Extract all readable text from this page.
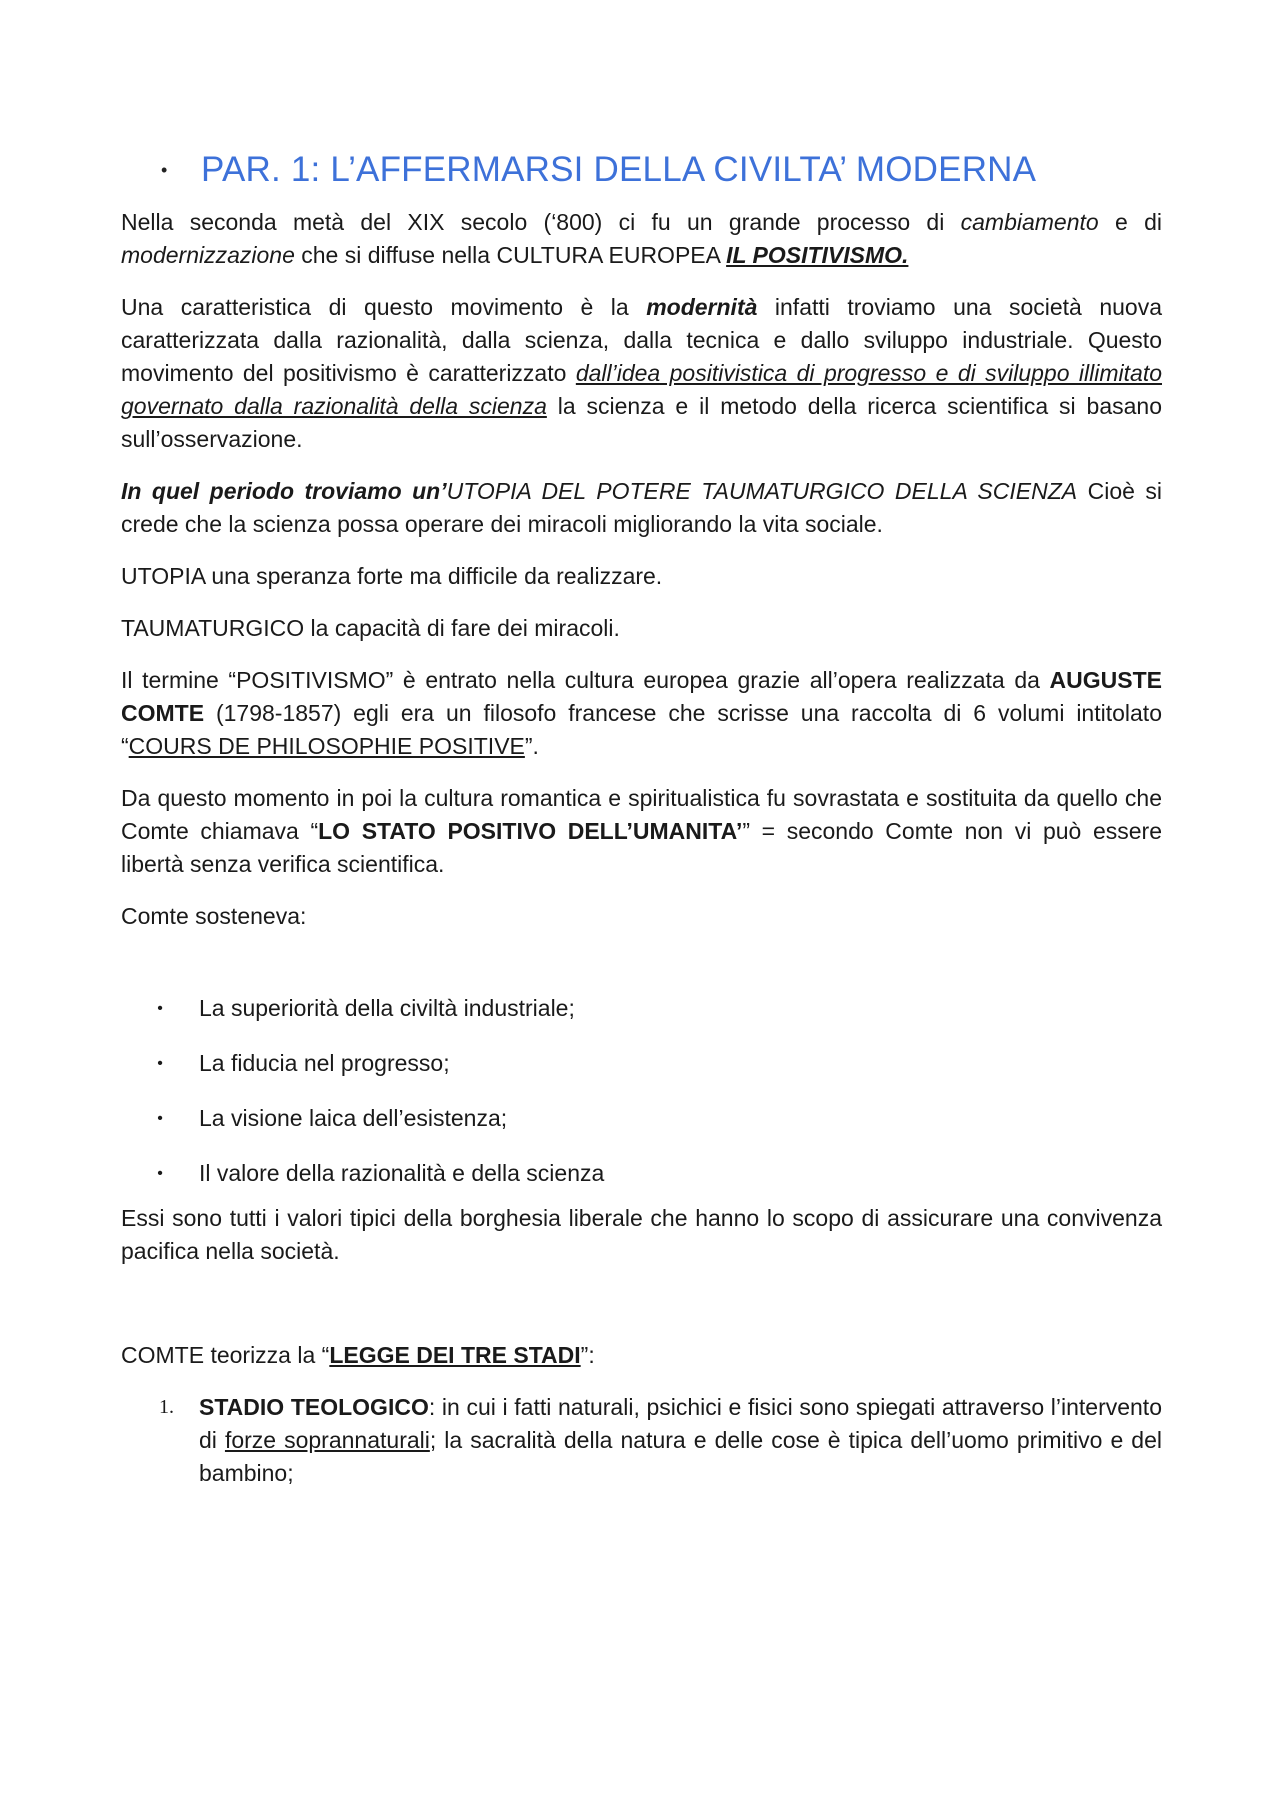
• PAR. 1: L’AFFERMARSI DELLA CIVILTA’ MODERNA

Nella seconda metà del XIX secolo (‘800) ci fu un grande processo di cambiamento e di modernizzazione che si diffuse nella CULTURA EUROPEA IL POSITIVISMO.

Una caratteristica di questo movimento è la modernità infatti troviamo una società nuova caratterizzata dalla razionalità, dalla scienza, dalla tecnica e dallo sviluppo industriale. Questo movimento del positivismo è caratterizzato dall’idea positivistica di progresso e di sviluppo illimitato governato dalla razionalità della scienza la scienza e il metodo della ricerca scientifica si basano sull’osservazione.

In quel periodo troviamo un’UTOPIA DEL POTERE TAUMATURGICO DELLA SCIENZA Cioè si crede che la scienza possa operare dei miracoli migliorando la vita sociale.

UTOPIA una speranza forte ma difficile da realizzare.

TAUMATURGICO la capacità di fare dei miracoli.

Il termine “POSITIVISMO” è entrato nella cultura europea grazie all’opera realizzata da AUGUSTE COMTE (1798-1857) egli era un filosofo francese che scrisse una raccolta di 6 volumi intitolato “COURS DE PHILOSOPHIE POSITIVE”.

Da questo momento in poi la cultura romantica e spiritualistica fu sovrastata e sostituita da quello che Comte chiamava “LO STATO POSITIVO DELL’UMANITA’” = secondo Comte non vi può essere libertà senza verifica scientifica.

Comte sosteneva:

•	La superiorità della civiltà industriale;
•	La fiducia nel progresso;
•	La visione laica dell’esistenza;
•	Il valore della razionalità e della scienza

Essi sono tutti i valori tipici della borghesia liberale che hanno lo scopo di assicurare una convivenza pacifica nella società.

COMTE teorizza la “LEGGE DEI TRE STADI”:

1.	STADIO TEOLOGICO: in cui i fatti naturali, psichici e fisici sono spiegati attraverso l’intervento di forze soprannaturali; la sacralità della natura e delle cose è tipica dell’uomo primitivo e del bambino;
